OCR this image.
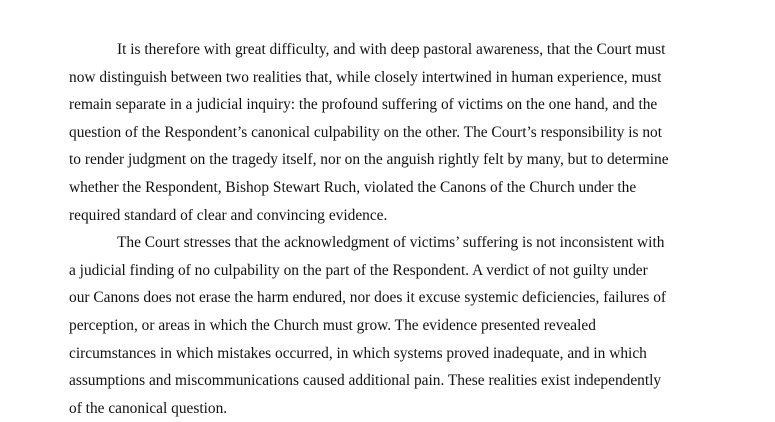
It is therefore with great difficulty, and with deep pastoral awareness, that the Court must
now distinguish between two realities that, while closely intertwined in human experience, must
remain separate in a judicial inquiry: the profound suffering of victims on the one hand, and the
question of the Respondent’s canonical culpability on the other. The Court’s responsibility is not
to render judgment on the tragedy itself, nor on the anguish rightly felt by many, but to determine
whether the Respondent, Bishop Stewart Ruch, violated the Canons of the Church under the
required standard of clear and convincing evidence.

The Court stresses that the acknowledgment of victims’ suffering is not inconsistent with
a judicial finding of no culpability on the part of the Respondent. A verdict of not guilty under
our Canons does not erase the harm endured, nor does it excuse systemic deficiencies, failures of
perception, or areas in which the Church must grow. The evidence presented revealed
circumstances in which mistakes occurred, in which systems proved inadequate, and in which
assumptions and miscommunications caused additional pain. These realities exist independently
of the canonical question.
